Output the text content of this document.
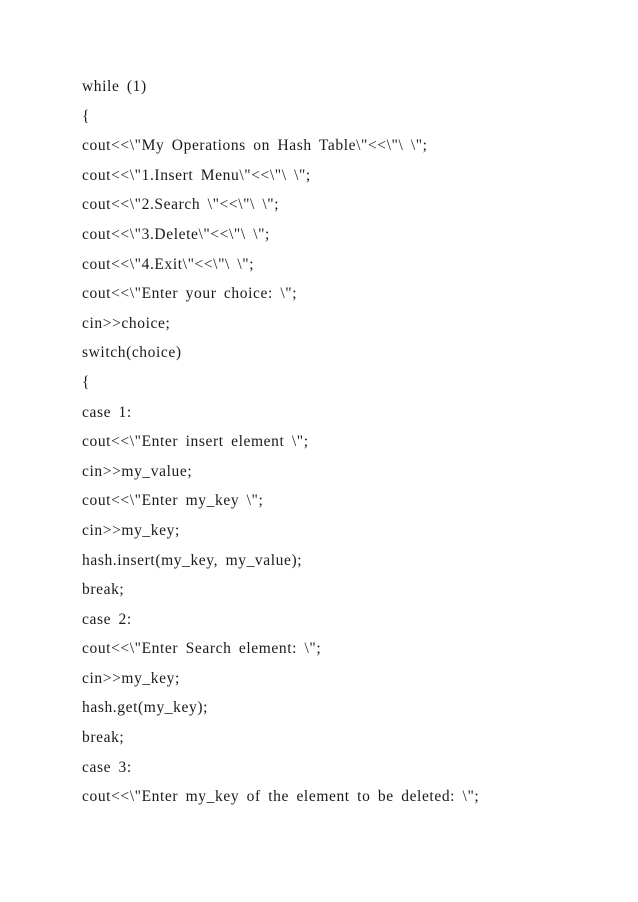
while (1)
{
cout<<\"My Operations on Hash Table\"<<\"\ \";
cout<<\"1.Insert Menu\"<<\"\ \";
cout<<\"2.Search \"<<\"\ \";
cout<<\"3.Delete\"<<\"\ \";
cout<<\"4.Exit\"<<\"\ \";
cout<<\"Enter your choice: \";
cin>>choice;
switch(choice)
{
case 1:
cout<<\"Enter insert element \";
cin>>my_value;
cout<<\"Enter my_key \";
cin>>my_key;
hash.insert(my_key, my_value);
break;
case 2:
cout<<\"Enter Search element: \";
cin>>my_key;
hash.get(my_key);
break;
case 3:
cout<<\"Enter my_key of the element to be deleted: \";
